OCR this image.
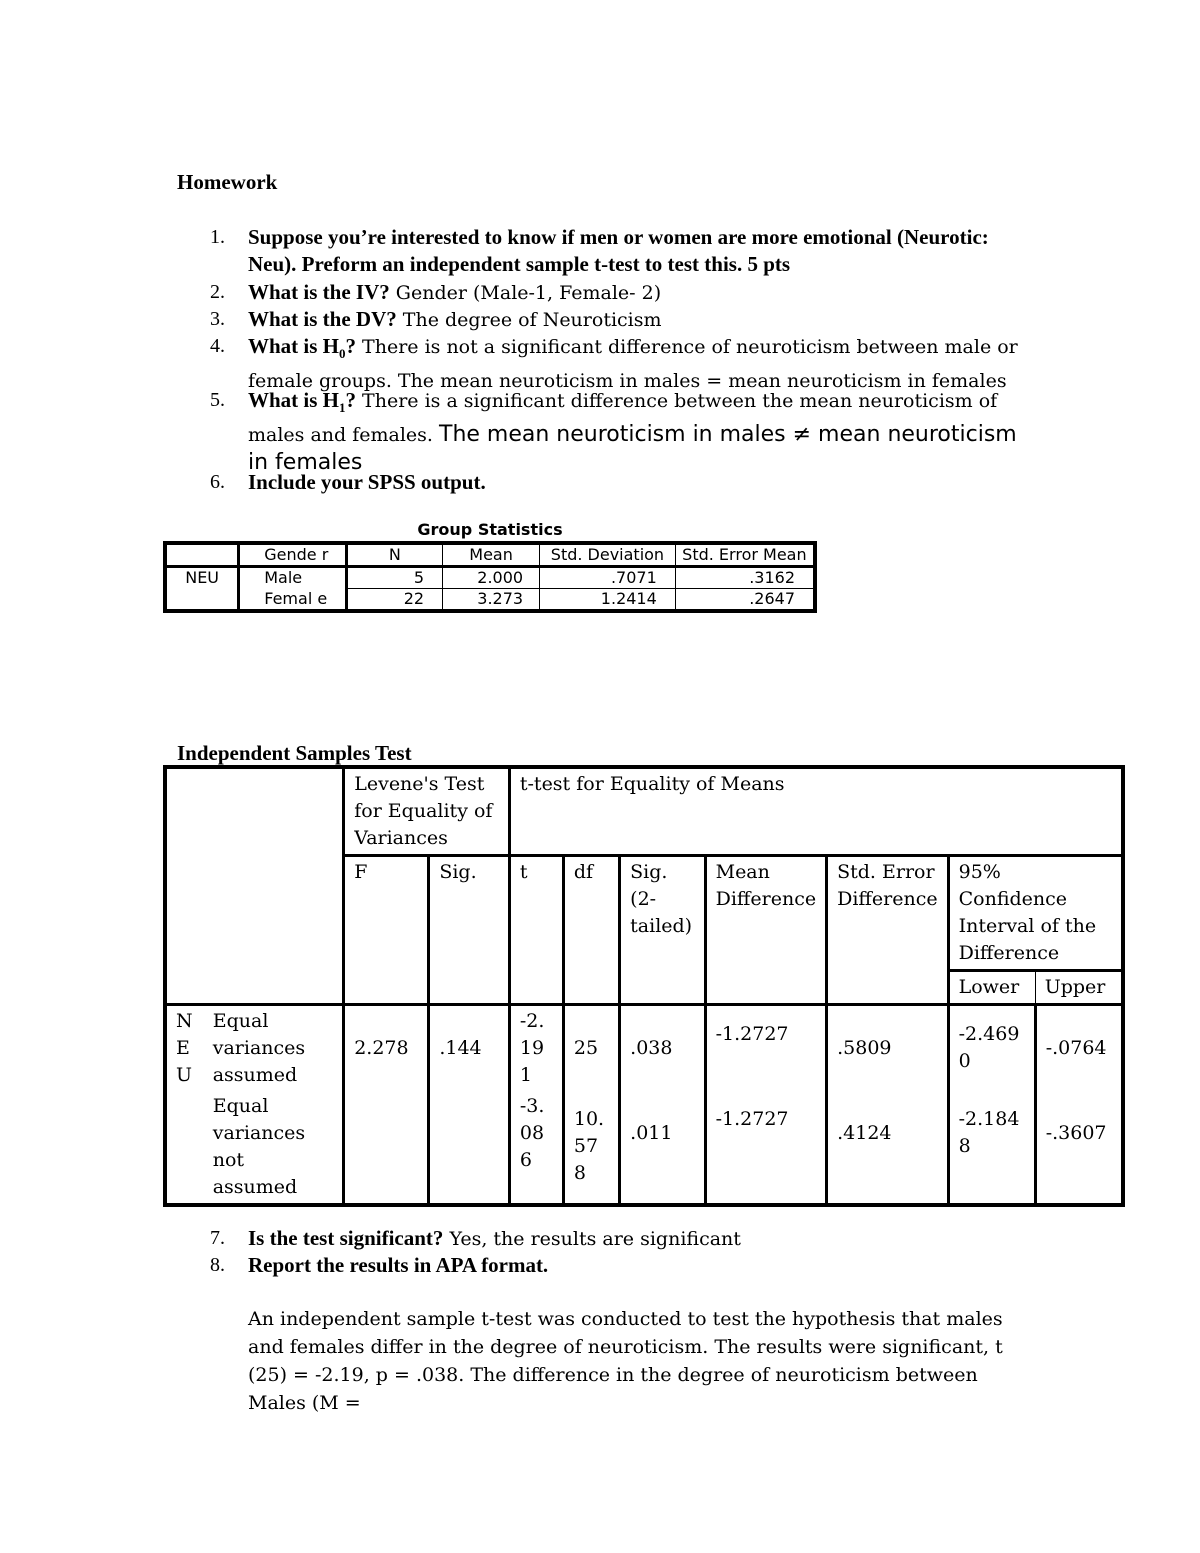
Homework
1.	Suppose you’re interested to know if men or women are more emotional (Neurotic: Neu). Preform an independent sample t-test to test this. 5 pts
2.	What is the IV? Gender (Male-1, Female- 2)
3.	What is the DV? The degree of Neuroticism
4.	What is $H_0$? There is not a significant difference of neuroticism between male or female groups. The mean neuroticism in males = mean neuroticism in females
5.	What is $H_1$? There is a significant difference between the mean neuroticism of males and females. The mean neuroticism in males ≠ mean neuroticism in females
6.	Include your SPSS output.
Group Statistics
	Gende r	N	Mean	Std. Deviation	Std. Error Mean
NEU	Male	5	2.000	.7071	.3162
	Femal e	22	3.273	1.2414	.2647
Independent Samples Test
		Levene's Test for Equality of Variances		t-test for Equality of Means						
		F	Sig.	t	df	Sig. (2-tailed)	Mean Difference	Std. Error Difference	95% Confidence Interval of the Difference	
									Lower	Upper
NEU	Equal variances assumed	2.278	.144	-2.191	25	.038	-1.2727	.5809	-2.4690	-.0764
	Equal variances not assumed			-3.086	10.578	.011	-1.2727	.4124	-2.1848	-.3607
7.	Is the test significant? Yes, the results are significant
8.	Report the results in APA format.
An independent sample t-test was conducted to test the hypothesis that males and females differ in the degree of neuroticism. The results were significant, t (25) = -2.19, p = .038. The difference in the degree of neuroticism between Males (M =
